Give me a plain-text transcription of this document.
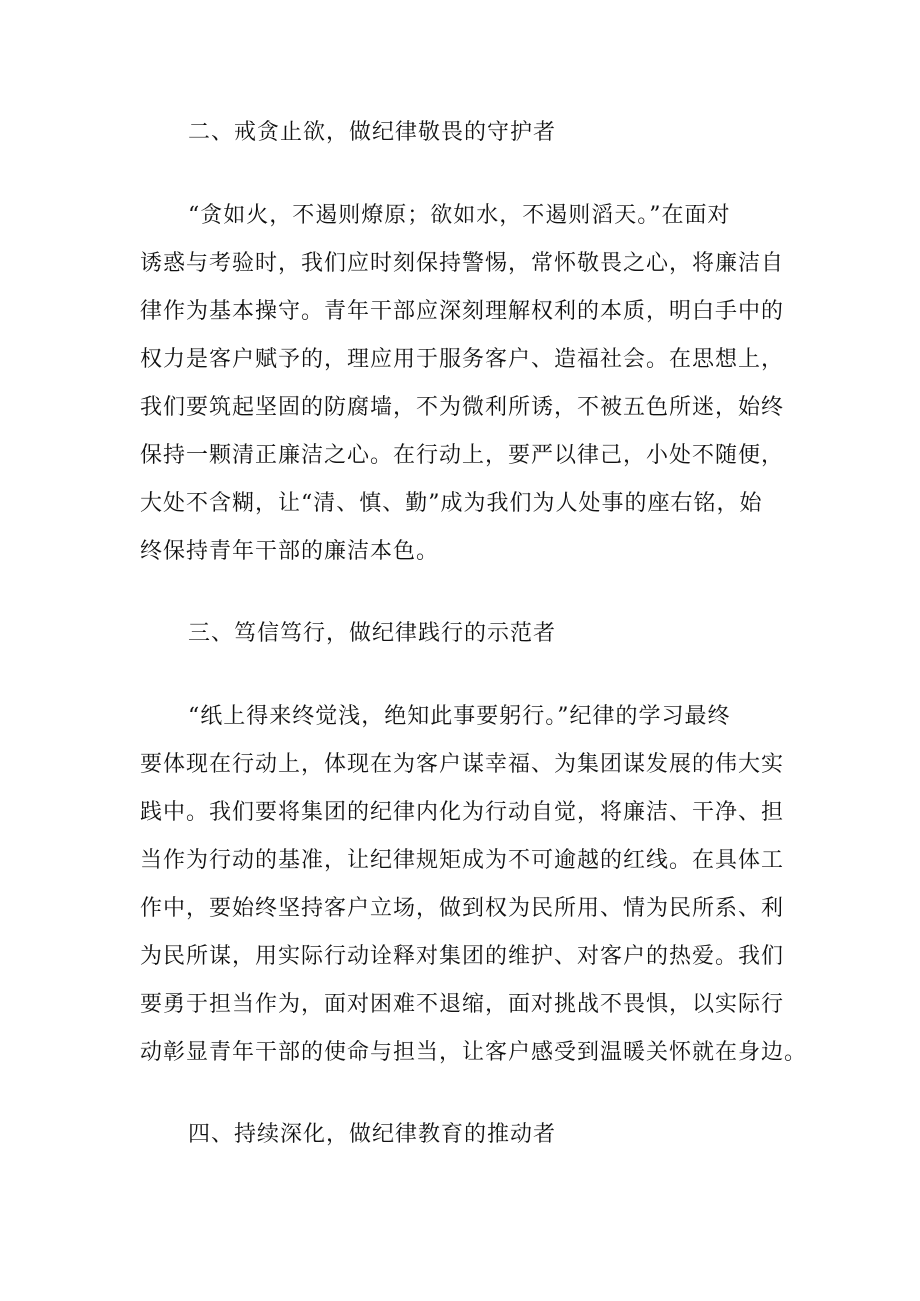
二、戒贪止欲，做纪律敬畏的守护者
“贪如火，不遏则燎原；欲如水，不遏则滔天。”在面对
诱惑与考验时，我们应时刻保持警惕，常怀敬畏之心，将廉洁自
律作为基本操守。青年干部应深刻理解权利的本质，明白手中的
权力是客户赋予的，理应用于服务客户、造福社会。在思想上，
我们要筑起坚固的防腐墙，不为微利所诱，不被五色所迷，始终
保持一颗清正廉洁之心。在行动上，要严以律己，小处不随便，
大处不含糊，让“清、慎、勤”成为我们为人处事的座右铭，始
终保持青年干部的廉洁本色。
三、笃信笃行，做纪律践行的示范者
“纸上得来终觉浅，绝知此事要躬行。”纪律的学习最终
要体现在行动上，体现在为客户谋幸福、为集团谋发展的伟大实
践中。我们要将集团的纪律内化为行动自觉，将廉洁、干净、担
当作为行动的基准，让纪律规矩成为不可逾越的红线。在具体工
作中，要始终坚持客户立场，做到权为民所用、情为民所系、利
为民所谋，用实际行动诠释对集团的维护、对客户的热爱。我们
要勇于担当作为，面对困难不退缩，面对挑战不畏惧，以实际行
动彰显青年干部的使命与担当，让客户感受到温暖关怀就在身边。
四、持续深化，做纪律教育的推动者
